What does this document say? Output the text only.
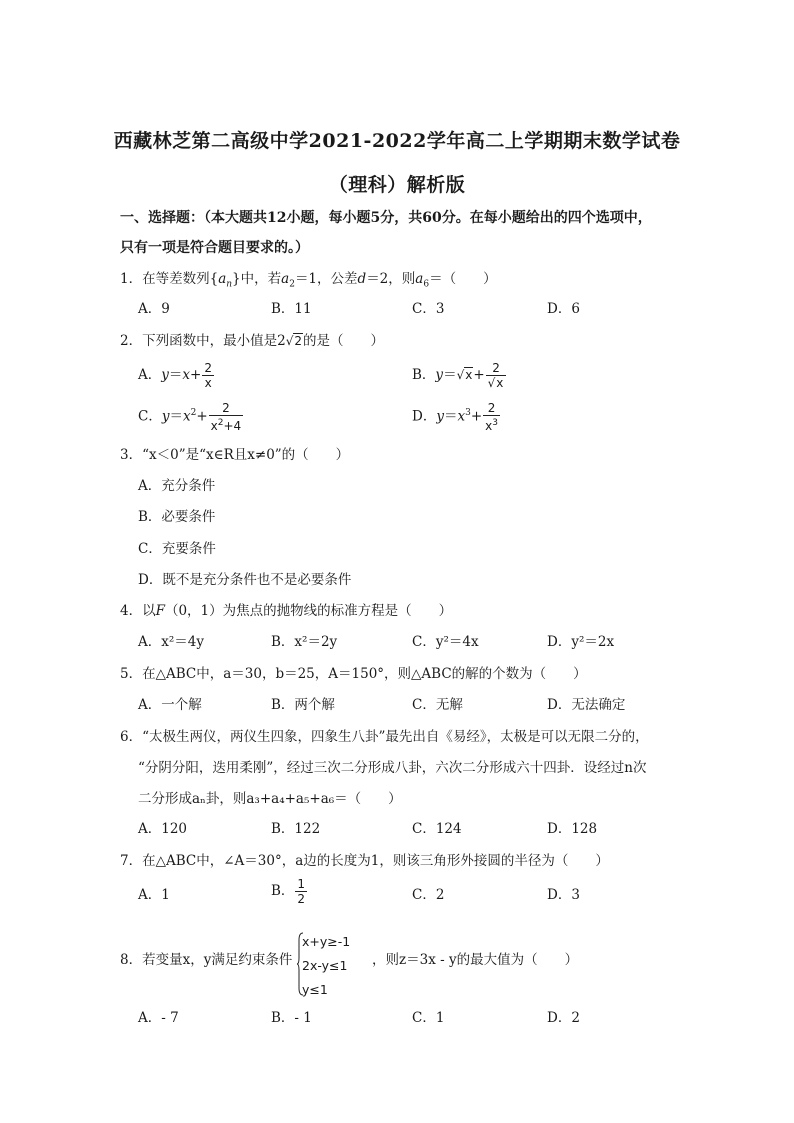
西藏林芝第二高级中学2021-2022学年高二上学期期末数学试卷
（理科）解析版
一、选择题：（本大题共12小题，每小题5分，共60分。在每小题给出的四个选项中，
只有一项是符合题目要求的。）
1．在等差数列$\{a_n\}$中，若$a_2=1$，公差d＝2，则$a_6=$（　　）
A．9	B．11	C．3	D．6
2．下列函数中，最小值是2√2的是（　　）
A．$y=x+ \frac{2}{x}$	B．$y=√x+ \frac{2}{√x}$
C．$y=x^2+ \frac{2}{x^2+4}$	D．$y=x^3+ \frac{2}{x^3}$
3．“x＜0”是“x∈R且x≠0”的（　　）
A．充分条件
B．必要条件
C．充要条件
D．既不是充分条件也不是必要条件
4．以F（0，1）为焦点的抛物线的标准方程是（　　）
A．x²＝4y	B．x²＝2y	C．y²＝4x	D．y²＝2x
5．在△ABC中，a＝30，b＝25，A＝150°，则△ABC的解的个数为（　　）
A．一个解	B．两个解	C．无解	D．无法确定
6．“太极生两仪，两仪生四象，四象生八卦”最先出自《易经》，太极是可以无限二分的，
“分阴分阳，迭用柔刚”，经过三次二分形成八卦，六次二分形成六十四卦．设经过n次
二分形成aₙ卦，则a₃+a₄+a₅+a₆＝（　　）
A．120	B．122	C．124	D．128
7．在△ABC中，∠A＝30°，a边的长度为1，则该三角形外接圆的半径为（　　）
A．1	B． $\frac{1}{2}$	C．2	D．3
8．若变量x，y满足约束条件
x+y≥-1
2x-y≤1
y≤1
，则z＝3x - y的最大值为（　　）
A．- 7	B．- 1	C．1	D．2
